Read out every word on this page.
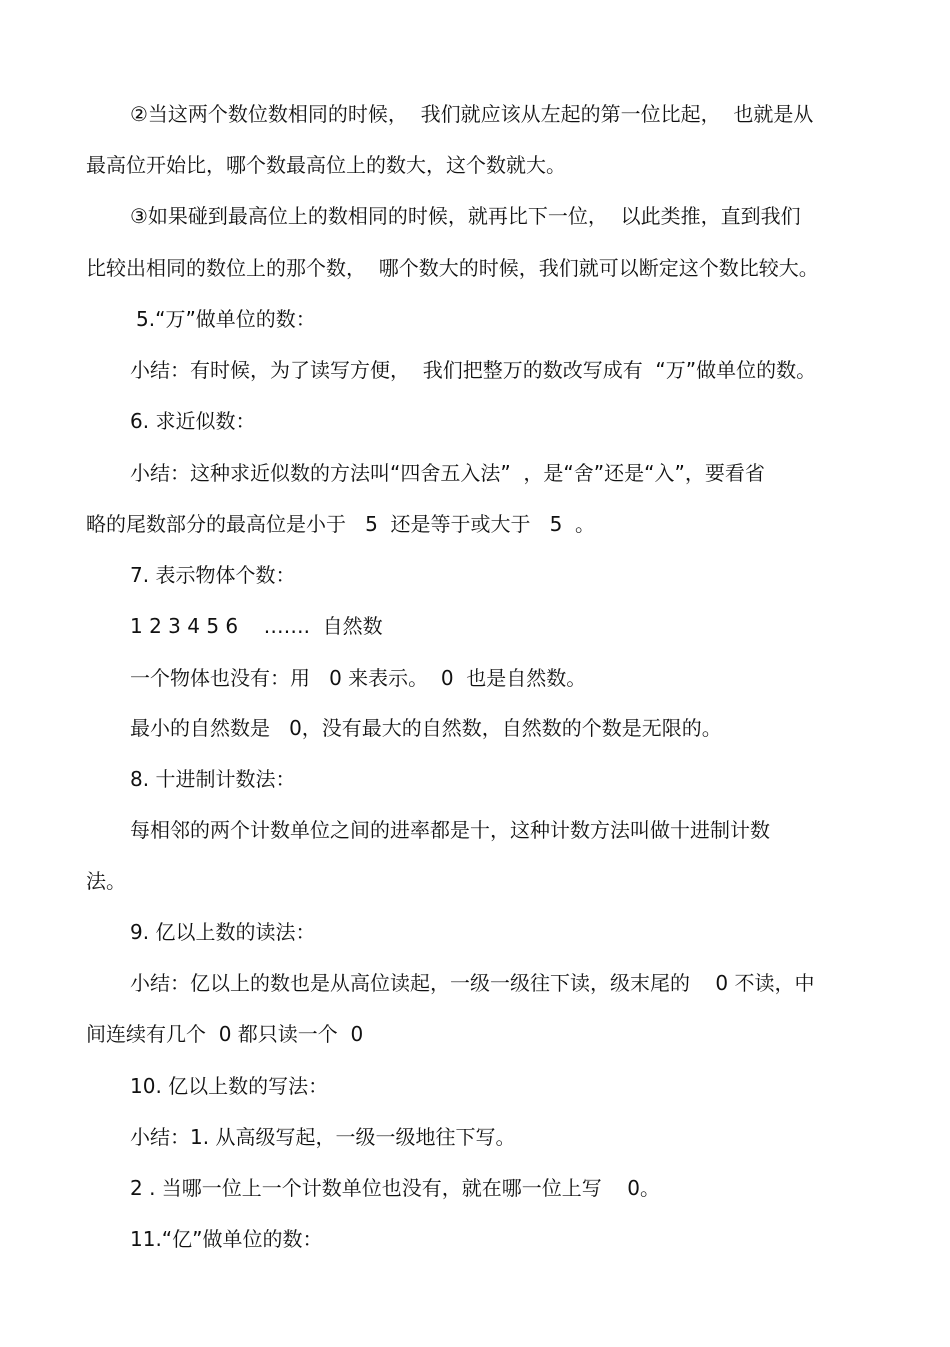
②当这两个数位数相同的时候，  我们就应该从左起的第一位比起，  也就是从

最高位开始比，哪个数最高位上的数大，这个数就大。

③如果碰到最高位上的数相同的时候，就再比下一位，  以此类推，直到我们

比较出相同的数位上的那个数，  哪个数大的时候，我们就可以断定这个数比较大。

5.“万”做单位的数：

小结：有时候，为了读写方便，  我们把整万的数改写成有  “万”做单位的数。

6. 求近似数：

小结：这种求近似数的方法叫“四舍五入法”  ，是“舍”还是“入”，要看省

略的尾数部分的最高位是小于   5  还是等于或大于   5  。

7. 表示物体个数：

1 2 3 4 5 6    …….  自然数

一个物体也没有：用   0 来表示。  0  也是自然数。

最小的自然数是   0，没有最大的自然数，自然数的个数是无限的。

8. 十进制计数法：

每相邻的两个计数单位之间的进率都是十，这种计数方法叫做十进制计数

法。

9. 亿以上数的读法：

小结：亿以上的数也是从高位读起，一级一级往下读，级末尾的    0 不读，中

间连续有几个  0 都只读一个  0

10. 亿以上数的写法：

小结：1. 从高级写起，一级一级地往下写。

2 . 当哪一位上一个计数单位也没有，就在哪一位上写    0。

11.“亿”做单位的数：
